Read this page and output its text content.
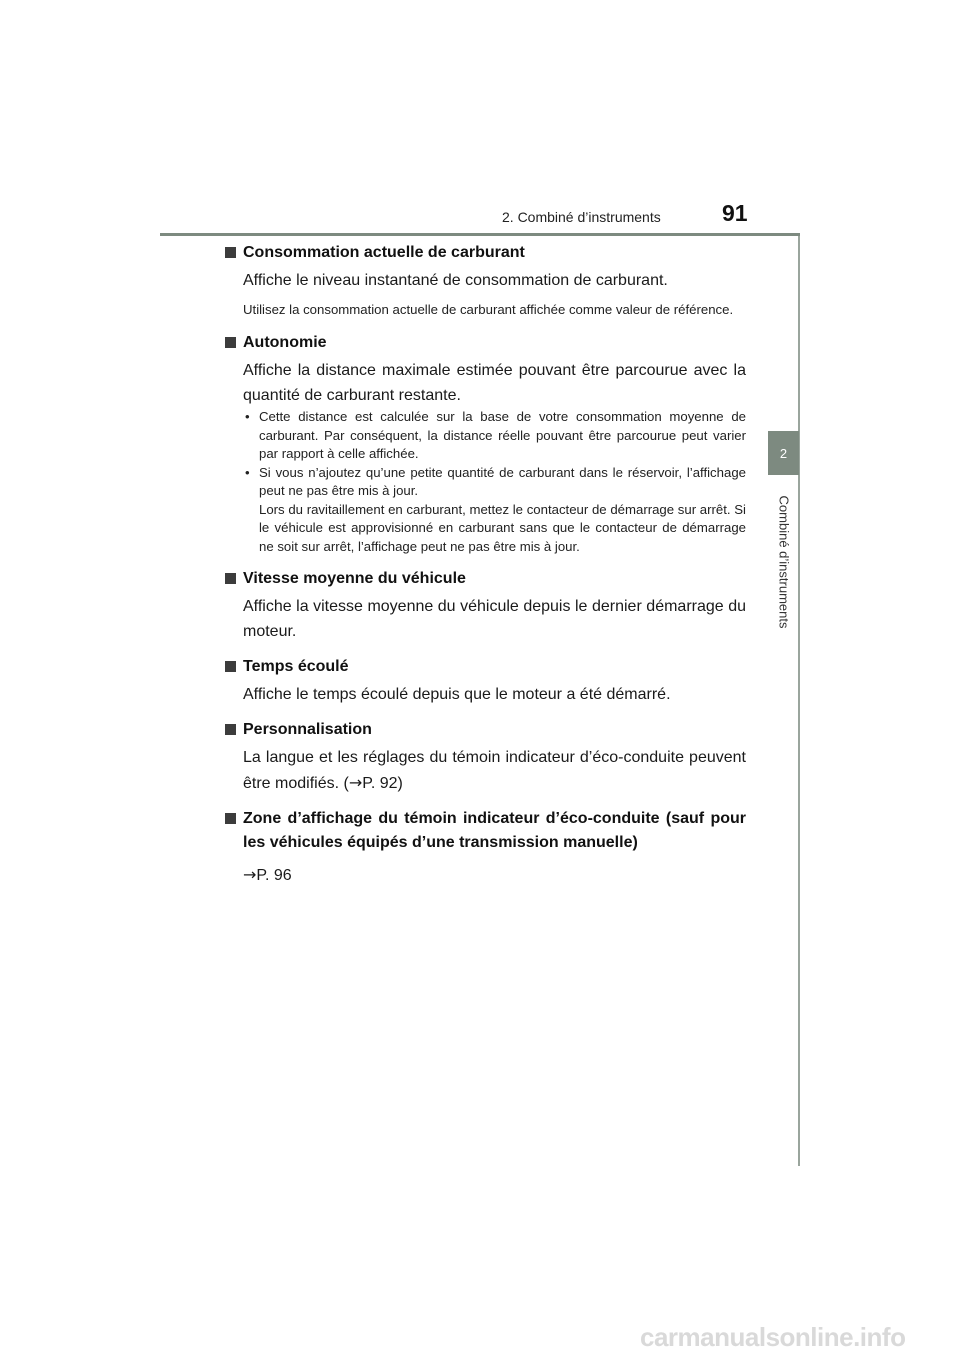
2. Combiné d’instruments	91
2
Combiné d’instruments
Consommation actuelle de carburant
Affiche le niveau instantané de consommation de carburant.
Utilisez la consommation actuelle de carburant affichée comme valeur de référence.
Autonomie
Affiche la distance maximale estimée pouvant être parcourue avec la quantité de carburant restante.
• Cette distance est calculée sur la base de votre consommation moyenne de carburant. Par conséquent, la distance réelle pouvant être parcourue peut varier par rapport à celle affichée.
• Si vous n’ajoutez qu’une petite quantité de carburant dans le réservoir, l’affichage peut ne pas être mis à jour.
Lors du ravitaillement en carburant, mettez le contacteur de démarrage sur arrêt. Si le véhicule est approvisionné en carburant sans que le contacteur de démarrage ne soit sur arrêt, l’affichage peut ne pas être mis à jour.
Vitesse moyenne du véhicule
Affiche la vitesse moyenne du véhicule depuis le dernier démarrage du moteur.
Temps écoulé
Affiche le temps écoulé depuis que le moteur a été démarré.
Personnalisation
La langue et les réglages du témoin indicateur d’éco-conduite peuvent être modifiés. (→P. 92)
Zone d’affichage du témoin indicateur d’éco-conduite (sauf pour les véhicules équipés d’une transmission manuelle)
→P. 96
carmanualsonline.info
